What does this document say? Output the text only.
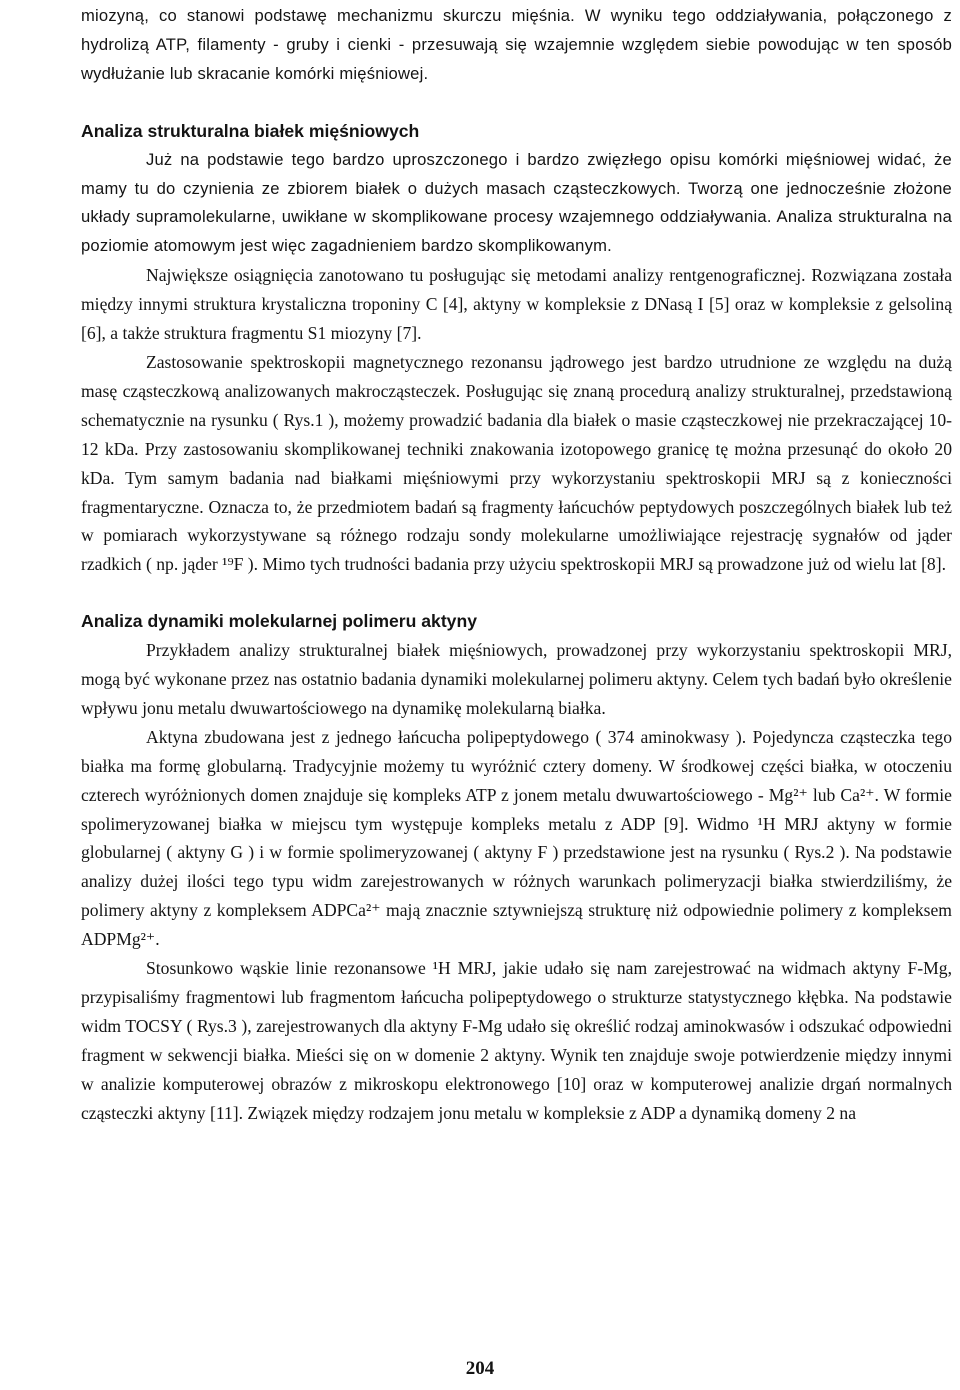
miozyną, co stanowi podstawę mechanizmu skurczu mięśnia. W wyniku tego oddziaływania, połączonego z hydrolizą ATP, filamenty - gruby i cienki - przesuwają się wzajemnie względem siebie powodując w ten sposób wydłużanie lub skracanie komórki mięśniowej.

Analiza strukturalna białek mięśniowych

Już na podstawie tego bardzo uproszczonego i bardzo zwięzłego opisu komórki mięśniowej widać, że mamy tu do czynienia ze zbiorem białek o dużych masach cząsteczkowych. Tworzą one jednocześnie złożone układy supramolekularne, uwikłane w skomplikowane procesy wzajemnego oddziaływania. Analiza strukturalna na poziomie atomowym jest więc zagadnieniem bardzo skomplikowanym.

Największe osiągnięcia zanotowano tu posługując się metodami analizy rentgenograficznej. Rozwiązana została między innymi struktura krystaliczna troponiny C [4], aktyny w kompleksie z DNasą I [5] oraz w kompleksie z gelsoliną [6], a także struktura fragmentu S1 miozyny [7].

Zastosowanie spektroskopii magnetycznego rezonansu jądrowego jest bardzo utrudnione ze względu na dużą masę cząsteczkową analizowanych makrocząsteczek. Posługując się znaną procedurą analizy strukturalnej, przedstawioną schematycznie na rysunku ( Rys.1 ), możemy prowadzić badania dla białek o masie cząsteczkowej nie przekraczającej 10-12 kDa. Przy zastosowaniu skomplikowanej techniki znakowania izotopowego granicę tę można przesunąć do około 20 kDa. Tym samym badania nad białkami mięśniowymi przy wykorzystaniu spektroskopii MRJ są z konieczności fragmentaryczne. Oznacza to, że przedmiotem badań są fragmenty łańcuchów peptydowych poszczególnych białek lub też w pomiarach wykorzystywane są różnego rodzaju sondy molekularne umożliwiające rejestrację sygnałów od jąder rzadkich ( np. jąder ¹⁹F ). Mimo tych trudności badania przy użyciu spektroskopii MRJ są prowadzone już od wielu lat [8].

Analiza dynamiki molekularnej polimeru aktyny

Przykładem analizy strukturalnej białek mięśniowych, prowadzonej przy wykorzystaniu spektroskopii MRJ, mogą być wykonane przez nas ostatnio badania dynamiki molekularnej polimeru aktyny. Celem tych badań było określenie wpływu jonu metalu dwuwartościowego na dynamikę molekularną białka.

Aktyna zbudowana jest z jednego łańcucha polipeptydowego ( 374 aminokwasy ). Pojedyncza cząsteczka tego białka ma formę globularną. Tradycyjnie możemy tu wyróżnić cztery domeny. W środkowej części białka, w otoczeniu czterech wyróżnionych domen znajduje się kompleks ATP z jonem metalu dwuwartościowego - Mg²⁺ lub Ca²⁺. W formie spolimeryzowanej białka w miejscu tym występuje kompleks metalu z ADP [9]. Widmo ¹H MRJ aktyny w formie globularnej ( aktyny G ) i w formie spolimeryzowanej ( aktyny F ) przedstawione jest na rysunku ( Rys.2 ). Na podstawie analizy dużej ilości tego typu widm zarejestrowanych w różnych warunkach polimeryzacji białka stwierdziliśmy, że polimery aktyny z kompleksem ADPCa²⁺ mają znacznie sztywniejszą strukturę niż odpowiednie polimery z kompleksem ADPMg²⁺.

Stosunkowo wąskie linie rezonansowe ¹H MRJ, jakie udało się nam zarejestrować na widmach aktyny F-Mg, przypisaliśmy fragmentowi lub fragmentom łańcucha polipeptydowego o strukturze statystycznego kłębka. Na podstawie widm TOCSY ( Rys.3 ), zarejestrowanych dla aktyny F-Mg udało się określić rodzaj aminokwasów i odszukać odpowiedni fragment w sekwencji białka. Mieści się on w domenie 2 aktyny. Wynik ten znajduje swoje potwierdzenie między innymi w analizie komputerowej obrazów z mikroskopu elektronowego [10] oraz w komputerowej analizie drgań normalnych cząsteczki aktyny [11]. Związek między rodzajem jonu metalu w kompleksie z ADP a dynamiką domeny 2 na

204
